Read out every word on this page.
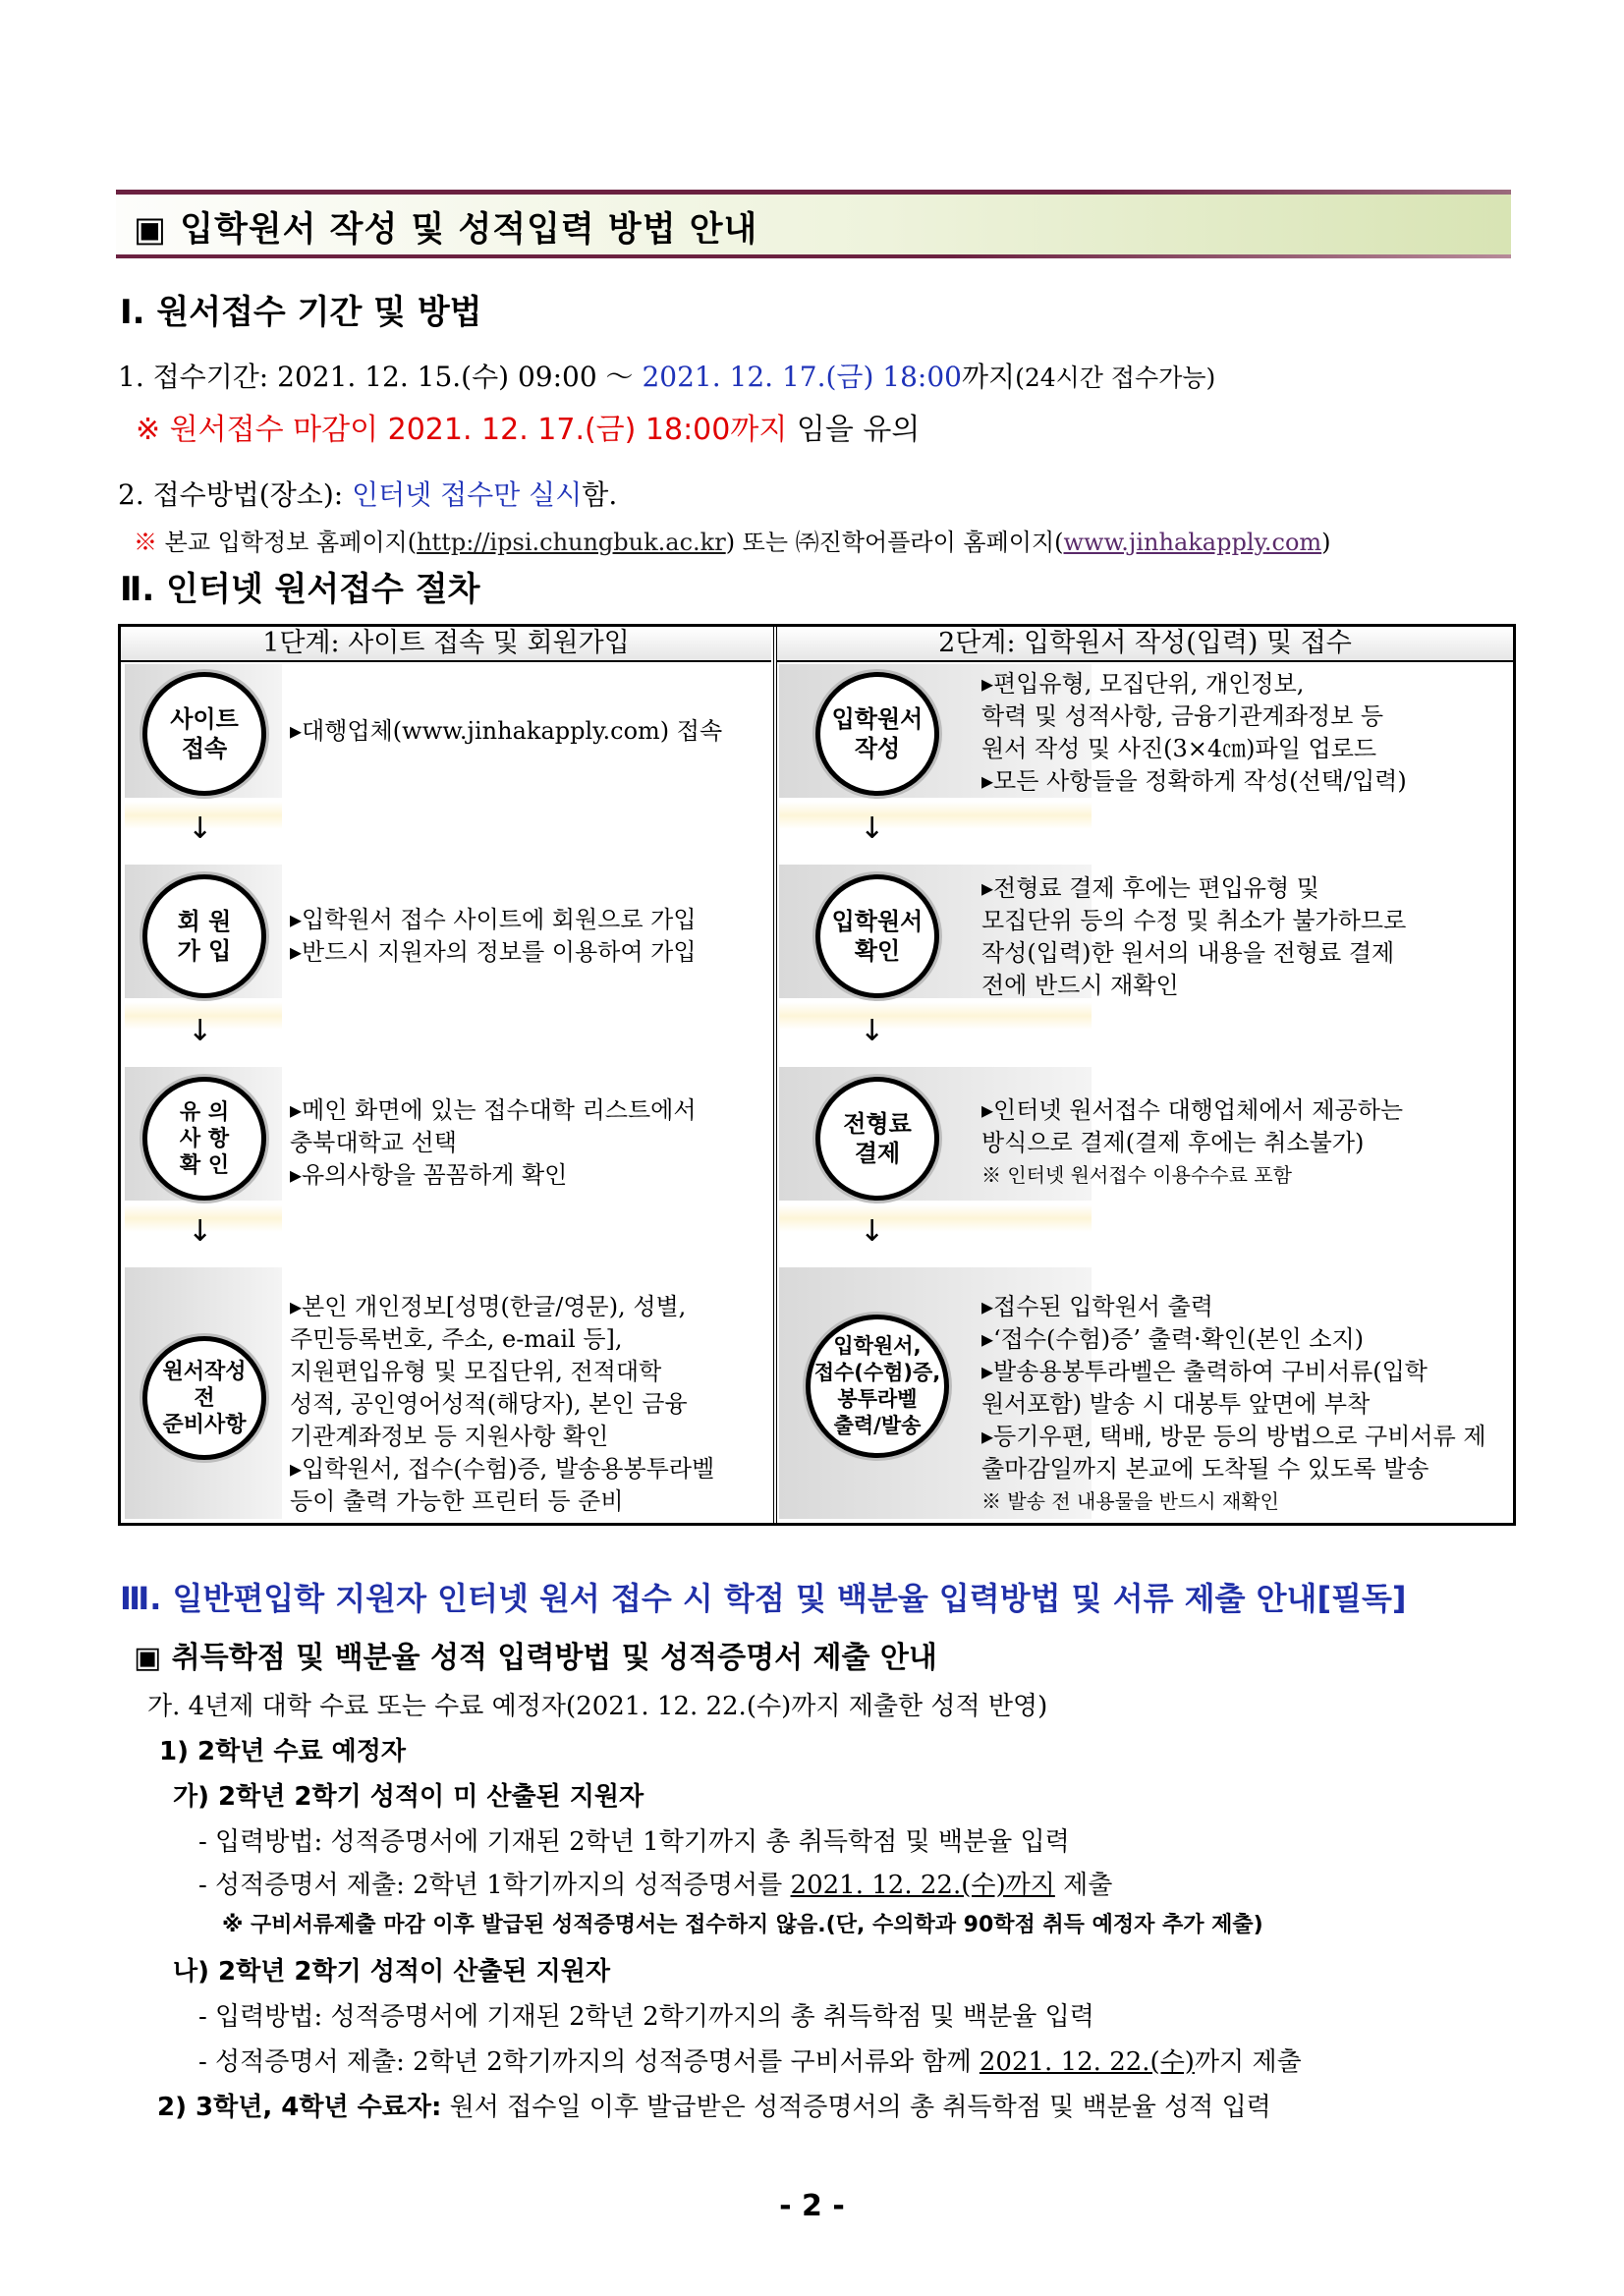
▣ 입학원서 작성 및 성적입력 방법 안내
Ⅰ. 원서접수 기간 및 방법
1. 접수기간: 2021. 12. 15.(수) 09:00 ～ 2021. 12. 17.(금) 18:00까지(24시간 접수가능)
※ 원서접수 마감이 2021. 12. 17.(금) 18:00까지 임을 유의
2. 접수방법(장소): 인터넷 접수만 실시함.
※ 본교 입학정보 홈페이지(http://ipsi.chungbuk.ac.kr) 또는 ㈜진학어플라이 홈페이지(www.jinhakapply.com)
Ⅱ. 인터넷 원서접수 절차
1단계: 사이트 접속 및 회원가입	2단계: 입학원서 작성(입력) 및 접수
사이트
접속
▸대행업체(www.jinhakapply.com) 접속
↓
회 원
가 입
▸입학원서 접수 사이트에 회원으로 가입
▸반드시 지원자의 정보를 이용하여 가입
↓
유 의
사 항
확 인
▸메인 화면에 있는 접수대학 리스트에서
충북대학교 선택
▸유의사항을 꼼꼼하게 확인
↓
원서작성
전
준비사항
▸본인 개인정보[성명(한글/영문), 성별,
주민등록번호, 주소, e-mail 등],
지원편입유형 및 모집단위, 전적대학
성적, 공인영어성적(해당자), 본인 금융
기관계좌정보 등 지원사항 확인
▸입학원서, 접수(수험)증, 발송용봉투라벨
등이 출력 가능한 프린터 등 준비
입학원서
작성
▸편입유형, 모집단위, 개인정보,
학력 및 성적사항, 금융기관계좌정보 등
원서 작성 및 사진(3×4㎝)파일 업로드
▸모든 사항들을 정확하게 작성(선택/입력)
↓
입학원서
확인
▸전형료 결제 후에는 편입유형 및
모집단위 등의 수정 및 취소가 불가하므로
작성(입력)한 원서의 내용을 전형료 결제
전에 반드시 재확인
↓
전형료
결제
▸인터넷 원서접수 대행업체에서 제공하는
방식으로 결제(결제 후에는 취소불가)
※ 인터넷 원서접수 이용수수료 포함
↓
입학원서,
접수(수험)증,
봉투라벨
출력/발송
▸접수된 입학원서 출력
▸‘접수(수험)증’ 출력·확인(본인 소지)
▸발송용봉투라벨은 출력하여 구비서류(입학
원서포함) 발송 시 대봉투 앞면에 부착
▸등기우편, 택배, 방문 등의 방법으로 구비서류 제
출마감일까지 본교에 도착될 수 있도록 발송
※ 발송 전 내용물을 반드시 재확인
Ⅲ. 일반편입학 지원자 인터넷 원서 접수 시 학점 및 백분율 입력방법 및 서류 제출 안내[필독]
▣ 취득학점 및 백분율 성적 입력방법 및 성적증명서 제출 안내
가. 4년제 대학 수료 또는 수료 예정자(2021. 12. 22.(수)까지 제출한 성적 반영)
1) 2학년 수료 예정자
가) 2학년 2학기 성적이 미 산출된 지원자
- 입력방법: 성적증명서에 기재된 2학년 1학기까지 총 취득학점 및 백분율 입력
- 성적증명서 제출: 2학년 1학기까지의 성적증명서를 2021. 12. 22.(수)까지 제출
※ 구비서류제출 마감 이후 발급된 성적증명서는 접수하지 않음.(단, 수의학과 90학점 취득 예정자 추가 제출)
나) 2학년 2학기 성적이 산출된 지원자
- 입력방법: 성적증명서에 기재된 2학년 2학기까지의 총 취득학점 및 백분율 입력
- 성적증명서 제출: 2학년 2학기까지의 성적증명서를 구비서류와 함께 2021. 12. 22.(수)까지 제출
2) 3학년, 4학년 수료자: 원서 접수일 이후 발급받은 성적증명서의 총 취득학점 및 백분율 성적 입력
- 2 -
